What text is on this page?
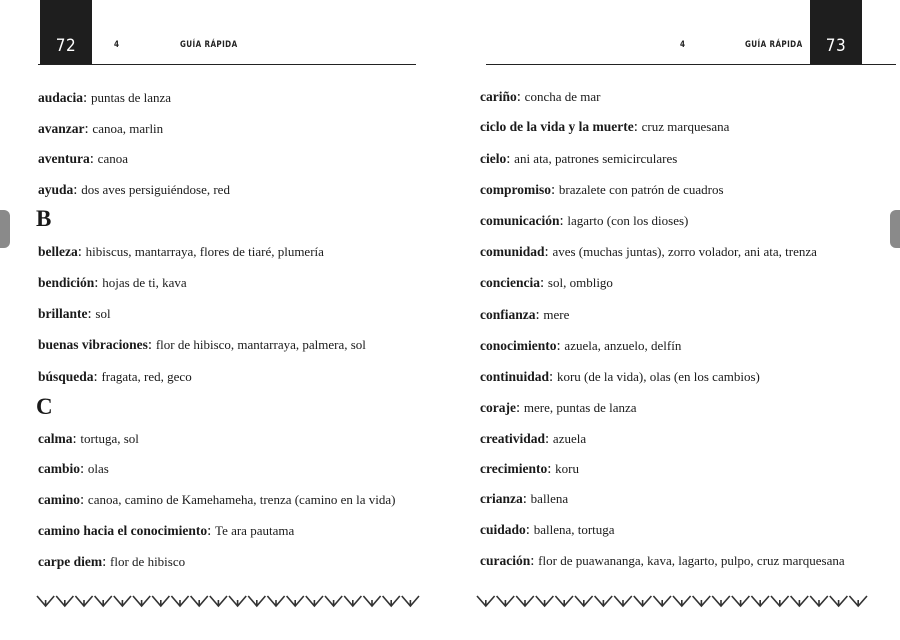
72	4	GUÍA RÁPIDA
audacia: puntas de lanza
avanzar: canoa, marlin
aventura: canoa
ayuda: dos aves persiguiéndose, red
B
belleza: hibiscus, mantarraya, flores de tiaré, plumería
bendición: hojas de ti, kava
brillante: sol
buenas vibraciones: flor de hibisco, mantarraya, palmera, sol
búsqueda: fragata, red, geco
C
calma: tortuga, sol
cambio: olas
camino: canoa, camino de Kamehameha, trenza (camino en la vida)
camino hacia el conocimiento: Te ara pautama
carpe diem: flor de hibisco
73
4	GUÍA RÁPIDA
cariño: concha de mar
ciclo de la vida y la muerte: cruz marquesana
cielo: ani ata, patrones semicirculares
compromiso: brazalete con patrón de cuadros
comunicación: lagarto (con los dioses)
comunidad: aves (muchas juntas), zorro volador, ani ata, trenza
conciencia: sol, ombligo
confianza: mere
conocimiento: azuela, anzuelo, delfín
continuidad: koru (de la vida), olas (en los cambios)
coraje: mere, puntas de lanza
creatividad: azuela
crecimiento: koru
crianza: ballena
cuidado: ballena, tortuga
curación: flor de puawananga, kava, lagarto, pulpo, cruz marquesana
